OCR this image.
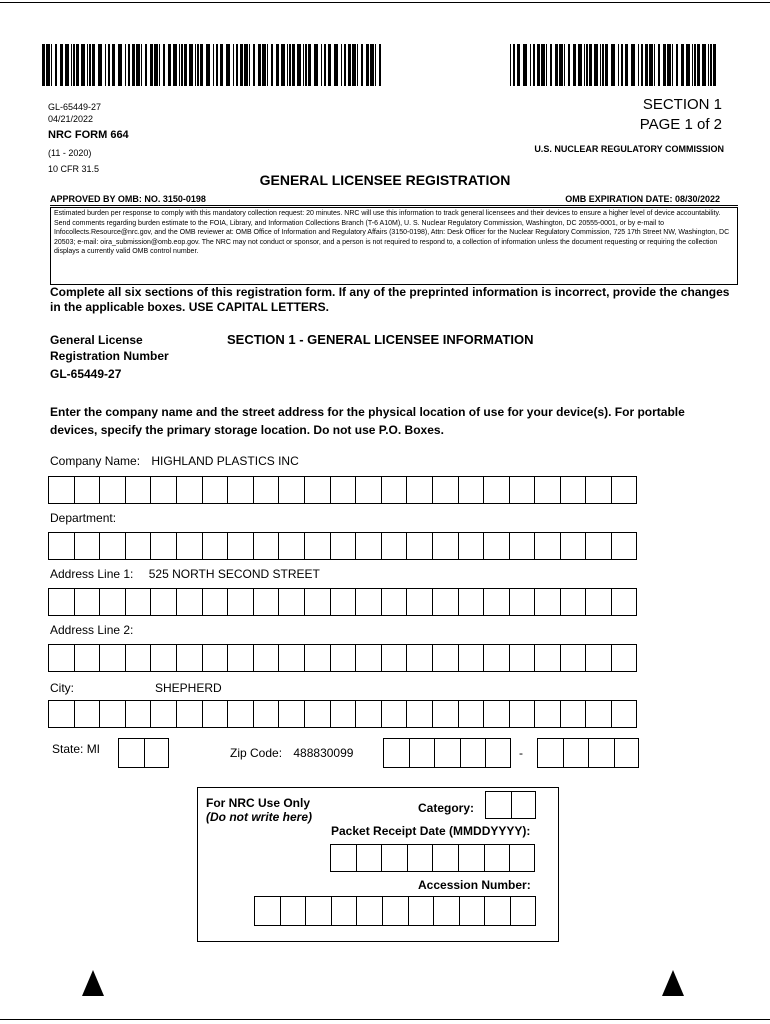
GL-65449-27
04/21/2022
NRC FORM 664
(11 - 2020)
10 CFR 31.5
SECTION 1
PAGE 1 of 2
U.S. NUCLEAR REGULATORY COMMISSION
GENERAL LICENSEE REGISTRATION
APPROVED BY OMB: NO. 3150-0198	OMB EXPIRATION DATE: 08/30/2022
Estimated burden per response to comply with this mandatory collection request: 20 minutes. NRC will use this information to track general licensees and their devices to ensure a higher level of device accountability. Send comments regarding burden estimate to the FOIA, Library, and Information Collections Branch (T-6 A10M), U. S. Nuclear Regulatory Commission, Washington, DC 20555-0001, or by e-mail to Infocollects.Resource@nrc.gov, and the OMB reviewer at: OMB Office of Information and Regulatory Affairs (3150-0198), Attn: Desk Officer for the Nuclear Regulatory Commission, 725 17th Street NW, Washington, DC 20503; e-mail: oira_submission@omb.eop.gov. The NRC may not conduct or sponsor, and a person is not required to respond to, a collection of information unless the document requesting or requiring the collection displays a currently valid OMB control number.
Complete all six sections of this registration form. If any of the preprinted information is incorrect, provide the changes in the applicable boxes. USE CAPITAL LETTERS.
General License
Registration Number
GL-65449-27
SECTION 1 - GENERAL LICENSEE INFORMATION
Enter the company name and the street address for the physical location of use for your device(s). For portable devices, specify the primary storage location. Do not use P.O. Boxes.
Company Name: HIGHLAND PLASTICS INC
Department:
Address Line 1: 525 NORTH SECOND STREET
Address Line 2:
City:	SHEPHERD
State: MI	Zip Code: 488830099	-
For NRC Use Only
(Do not write here)
Category:
Packet Receipt Date (MMDDYYYY):
Accession Number:
